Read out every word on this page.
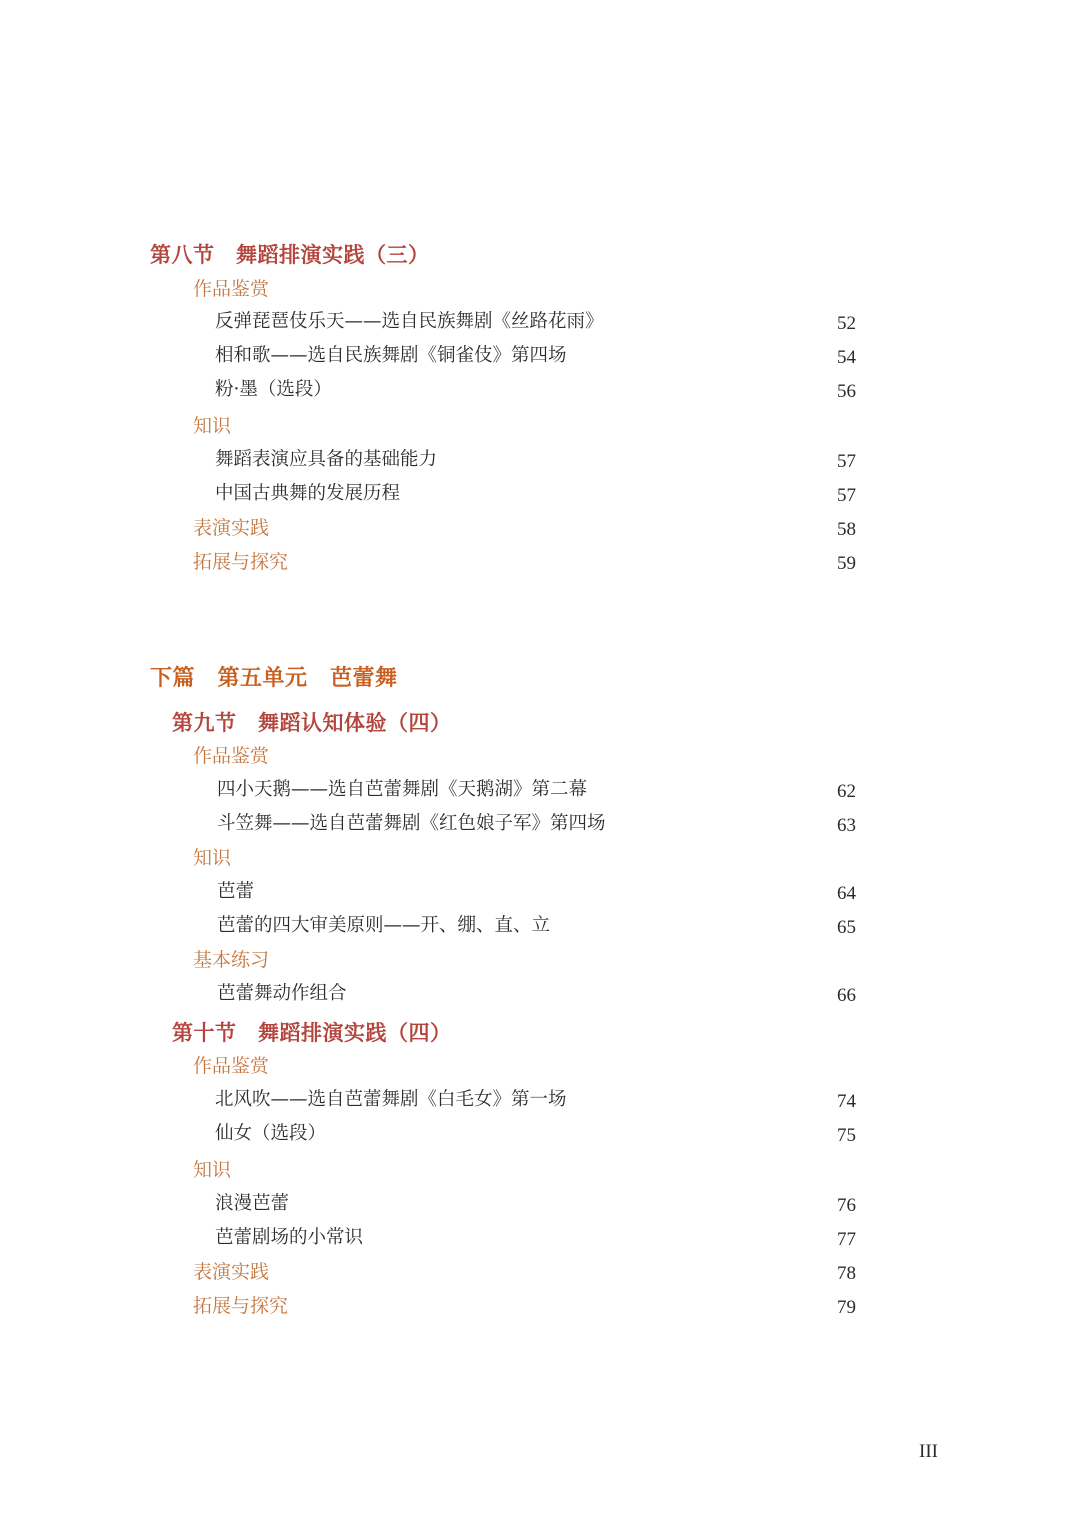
第八节　舞蹈排演实践（三）
作品鉴赏
反弹琵琶伎乐天——选自民族舞剧《丝路花雨》	52
相和歌——选自民族舞剧《铜雀伎》第四场	54
粉·墨（选段）	56
知识
舞蹈表演应具备的基础能力	57
中国古典舞的发展历程	57
表演实践	58
拓展与探究	59
下篇　第五单元　芭蕾舞
第九节　舞蹈认知体验（四）
作品鉴赏
四小天鹅——选自芭蕾舞剧《天鹅湖》第二幕	62
斗笠舞——选自芭蕾舞剧《红色娘子军》第四场	63
知识
芭蕾	64
芭蕾的四大审美原则——开、绷、直、立	65
基本练习
芭蕾舞动作组合	66
第十节　舞蹈排演实践（四）
作品鉴赏
北风吹——选自芭蕾舞剧《白毛女》第一场	74
仙女（选段）	75
知识
浪漫芭蕾	76
芭蕾剧场的小常识	77
表演实践	78
拓展与探究	79
III
